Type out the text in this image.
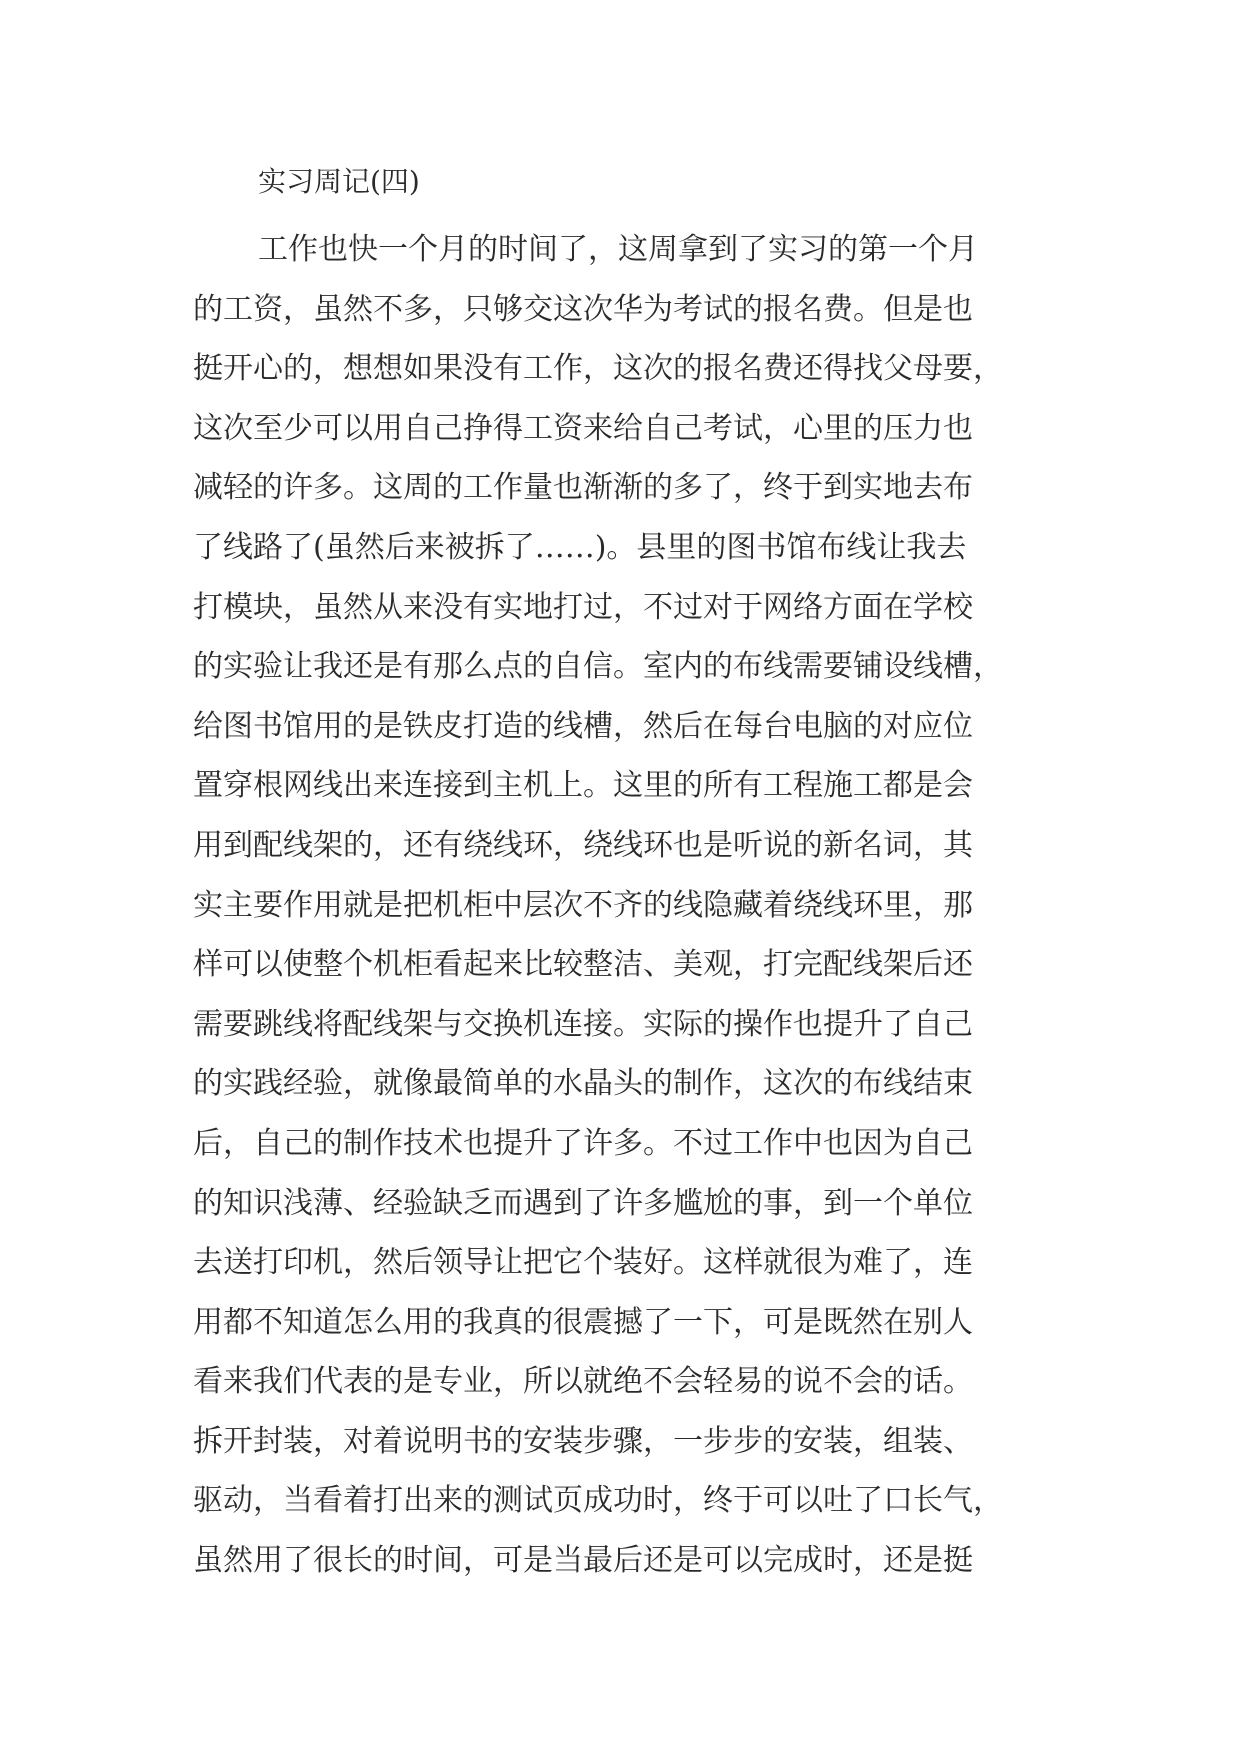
实习周记(四)
工作也快一个月的时间了，这周拿到了实习的第一个月
的工资，虽然不多，只够交这次华为考试的报名费。但是也
挺开心的，想想如果没有工作，这次的报名费还得找父母要，
这次至少可以用自己挣得工资来给自己考试，心里的压力也
减轻的许多。这周的工作量也渐渐的多了，终于到实地去布
了线路了(虽然后来被拆了……)。县里的图书馆布线让我去
打模块，虽然从来没有实地打过，不过对于网络方面在学校
的实验让我还是有那么点的自信。室内的布线需要铺设线槽，
给图书馆用的是铁皮打造的线槽，然后在每台电脑的对应位
置穿根网线出来连接到主机上。这里的所有工程施工都是会
用到配线架的，还有绕线环，绕线环也是听说的新名词，其
实主要作用就是把机柜中层次不齐的线隐藏着绕线环里，那
样可以使整个机柜看起来比较整洁、美观，打完配线架后还
需要跳线将配线架与交换机连接。实际的操作也提升了自己
的实践经验，就像最简单的水晶头的制作，这次的布线结束
后，自己的制作技术也提升了许多。不过工作中也因为自己
的知识浅薄、经验缺乏而遇到了许多尴尬的事，到一个单位
去送打印机，然后领导让把它个装好。这样就很为难了，连
用都不知道怎么用的我真的很震撼了一下，可是既然在别人
看来我们代表的是专业，所以就绝不会轻易的说不会的话。
拆开封装，对着说明书的安装步骤，一步步的安装，组装、
驱动，当看着打出来的测试页成功时，终于可以吐了口长气，
虽然用了很长的时间，可是当最后还是可以完成时，还是挺
